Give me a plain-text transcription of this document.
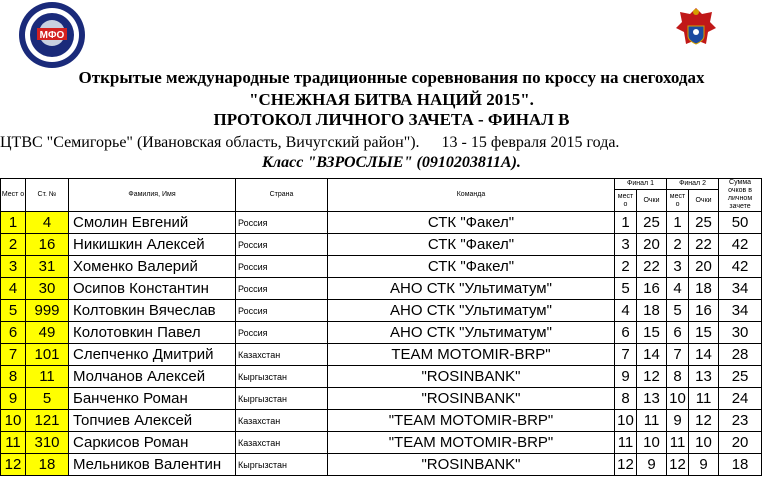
МФО
Открытые международные традиционные соревнования по кроссу на снегоходах
"СНЕЖНАЯ БИТВА НАЦИЙ 2015".
ПРОТОКОЛ ЛИЧНОГО ЗАЧЕТА - ФИНАЛ В
ЦТВС "Семигорье" (Ивановская область, Вичугский район"). 13 - 15 февраля 2015 года.
Класс "ВЗРОСЛЫЕ" (0910203811А).
Мест о	Ст. №	Фамилия, Имя	Страна	Команда	Финал 1		Финал 2		Сумма очков в личном зачете	
					мест о	Очки	мест о	Очки		
1	4	Смолин Евгений	Россия	СТК "Факел"	1	25	1	25	50	
2	16	Никишкин Алексей	Россия	СТК "Факел"	3	20	2	22	42	
3	31	Хоменко Валерий	Россия	СТК "Факел"	2	22	3	20	42	
4	30	Осипов Константин	Россия	АНО СТК "Ультиматум"	5	16	4	18	34	
5	999	Колтовкин Вячеслав	Россия	АНО СТК "Ультиматум"	4	18	5	16	34	
6	49	Колотовкин Павел	Россия	АНО СТК "Ультиматум"	6	15	6	15	30	
7	101	Слепченко Дмитрий	Казахстан	TEAM MOTOMIR-BRP"	7	14	7	14	28	
8	11	Молчанов Алексей	Кыргызстан	"ROSINBANK"	9	12	8	13	25	
9	5	Банченко Роман	Кыргызстан	"ROSINBANK"	8	13	10	11	24	
10	121	Топчиев Алексей	Казахстан	"TEAM MOTOMIR-BRP"	10	11	9	12	23	
11	310	Саркисов Роман	Казахстан	"TEAM MOTOMIR-BRP"	11	10	11	10	20	
12	18	Мельников Валентин	Кыргызстан	"ROSINBANK"	12	9	12	9	18	
